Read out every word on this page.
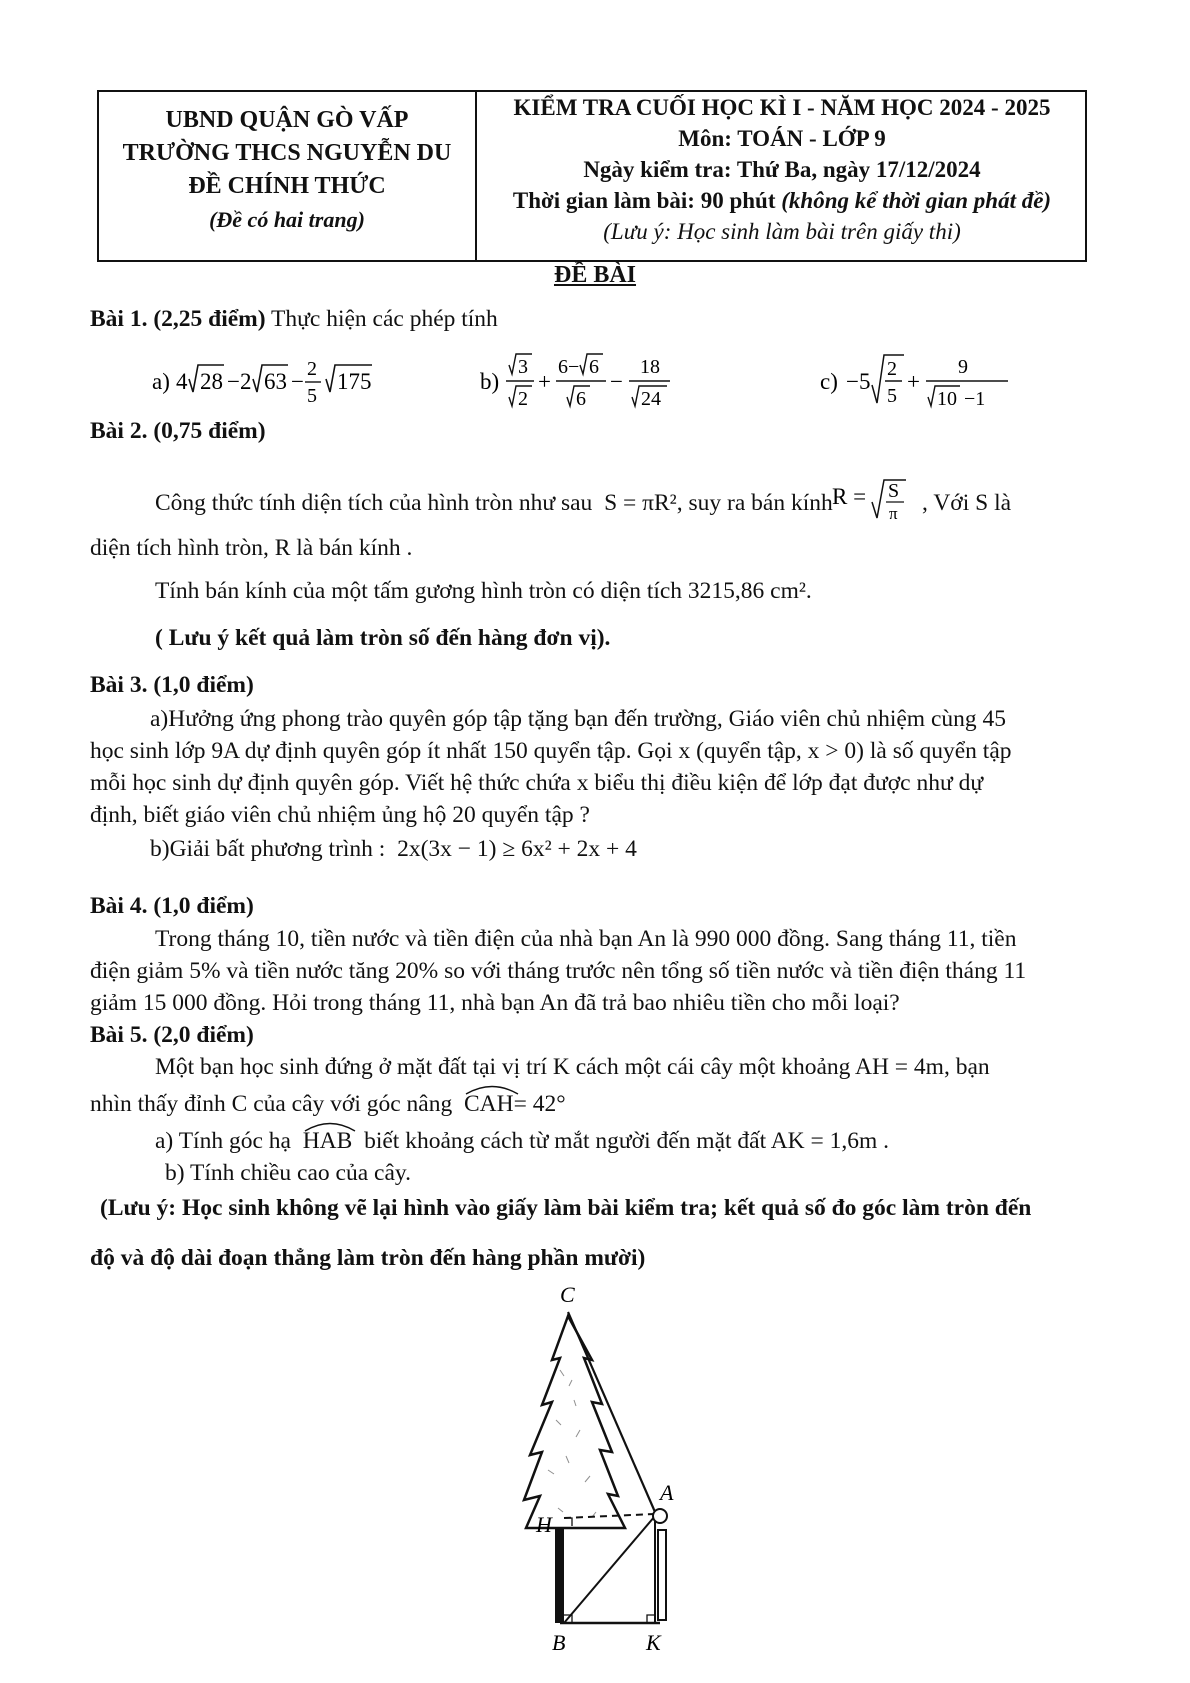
UBND QUẬN GÒ VẤP
TRƯỜNG THCS NGUYỄN DU
ĐỀ CHÍNH THỨC
(Đề có hai trang)
KIỂM TRA CUỐI HỌC KÌ I - NĂM HỌC 2024 - 2025
Môn: TOÁN - LỚP 9
Ngày kiểm tra: Thứ Ba, ngày 17/12/2024
Thời gian làm bài: 90 phút (không kể thời gian phát đề)
(Lưu ý: Học sinh làm bài trên giấy thi)
ĐỀ BÀI
Bài 1. (2,25 điểm) Thực hiện các phép tính
a) 4 28 −2 63 − 2
5
175	b)
3
2
+
6− 6
6
−
18
24
c) −5 2
5
+
9
10 −1
Bài 2. (0,75 điểm)
Công thức tính diện tích của hình tròn như sau  S = πR², suy ra bán kính R = S
π , Với S là
diện tích hình tròn, R là bán kính .
Tính bán kính của một tấm gương hình tròn có diện tích 3215,86 cm².
( Lưu ý kết quả làm tròn số đến hàng đơn vị).
Bài 3. (1,0 điểm)
a)Hưởng ứng phong trào quyên góp tập tặng bạn đến trường, Giáo viên chủ nhiệm cùng 45
học sinh lớp 9A dự định quyên góp ít nhất 150 quyển tập. Gọi x (quyển tập, x > 0) là số quyển tập
mỗi học sinh dự định quyên góp. Viết hệ thức chứa x biểu thị điều kiện để lớp đạt được như dự
định, biết giáo viên chủ nhiệm ủng hộ 20 quyển tập ?
b)Giải bất phương trình : 2x(3x − 1) ≥ 6x² + 2x + 4
Bài 4. (1,0 điểm)
Trong tháng 10, tiền nước và tiền điện của nhà bạn An là 990 000 đồng. Sang tháng 11, tiền
điện giảm 5% và tiền nước tăng 20% so với tháng trước nên tổng số tiền nước và tiền điện tháng 11
giảm 15 000 đồng. Hỏi trong tháng 11, nhà bạn An đã trả bao nhiêu tiền cho mỗi loại?
Bài 5. (2,0 điểm)
Một bạn học sinh đứng ở mặt đất tại vị trí K cách một cái cây một khoảng AH = 4m, bạn
nhìn thấy đỉnh C của cây với góc nâng CAH= 42°
a) Tính góc hạ HAB biết khoảng cách từ mắt người đến mặt đất AK = 1,6m .
b) Tính chiều cao của cây.
(Lưu ý: Học sinh không vẽ lại hình vào giấy làm bài kiểm tra; kết quả số đo góc làm tròn đến
độ và độ dài đoạn thẳng làm tròn đến hàng phần mười)
C
A
H
B	K
